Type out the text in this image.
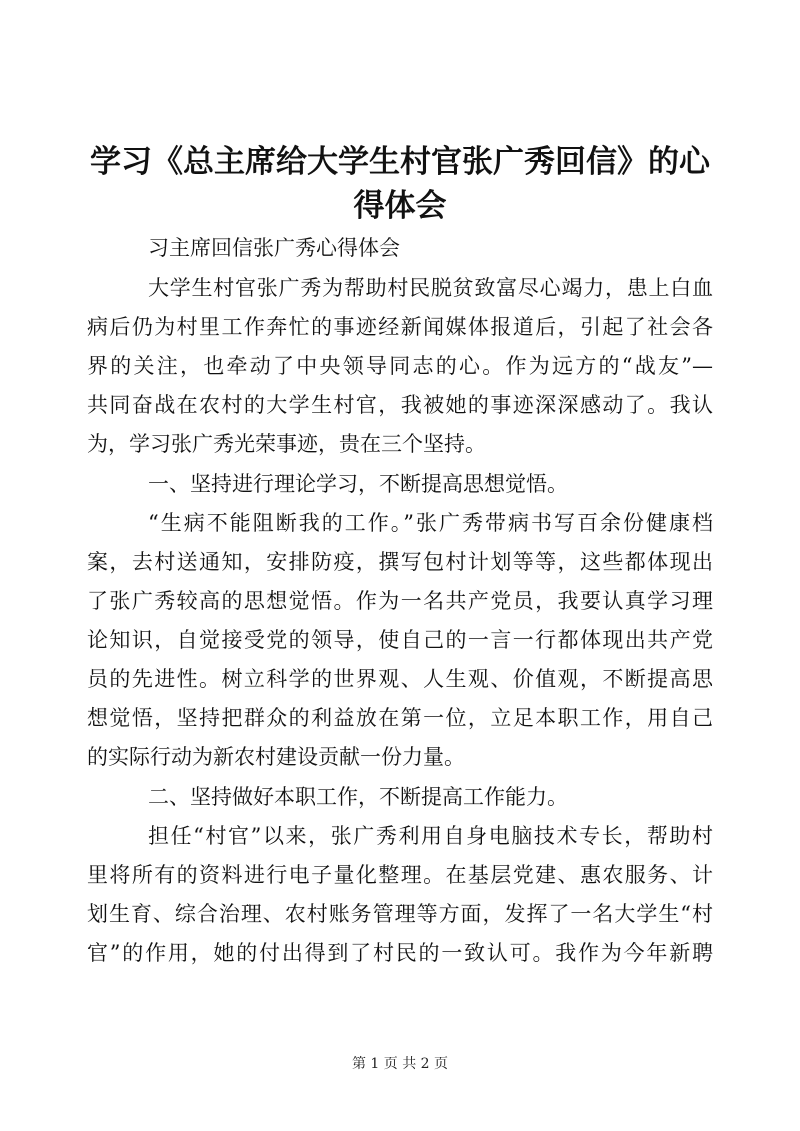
学习《总主席给大学生村官张广秀回信》的心
得体会

习主席回信张广秀心得体会

大学生村官张广秀为帮助村民脱贫致富尽心竭力，患上白血

病后仍为村里工作奔忙的事迹经新闻媒体报道后，引起了社会各

界的关注，也牵动了中央领导同志的心。作为远方的“战友”—

共同奋战在农村的大学生村官，我被她的事迹深深感动了。我认

为，学习张广秀光荣事迹，贵在三个坚持。

一、坚持进行理论学习，不断提高思想觉悟。

“生病不能阻断我的工作。”张广秀带病书写百余份健康档

案，去村送通知，安排防疫，撰写包村计划等等，这些都体现出

了张广秀较高的思想觉悟。作为一名共产党员，我要认真学习理

论知识，自觉接受党的领导，使自己的一言一行都体现出共产党

员的先进性。树立科学的世界观、人生观、价值观，不断提高思

想觉悟，坚持把群众的利益放在第一位，立足本职工作，用自己

的实际行动为新农村建设贡献一份力量。

二、坚持做好本职工作，不断提高工作能力。

担任“村官”以来，张广秀利用自身电脑技术专长，帮助村

里将所有的资料进行电子量化整理。在基层党建、惠农服务、计

划生育、综合治理、农村账务管理等方面，发挥了一名大学生“村

官”的作用，她的付出得到了村民的一致认可。我作为今年新聘

第 1 页 共 2 页
